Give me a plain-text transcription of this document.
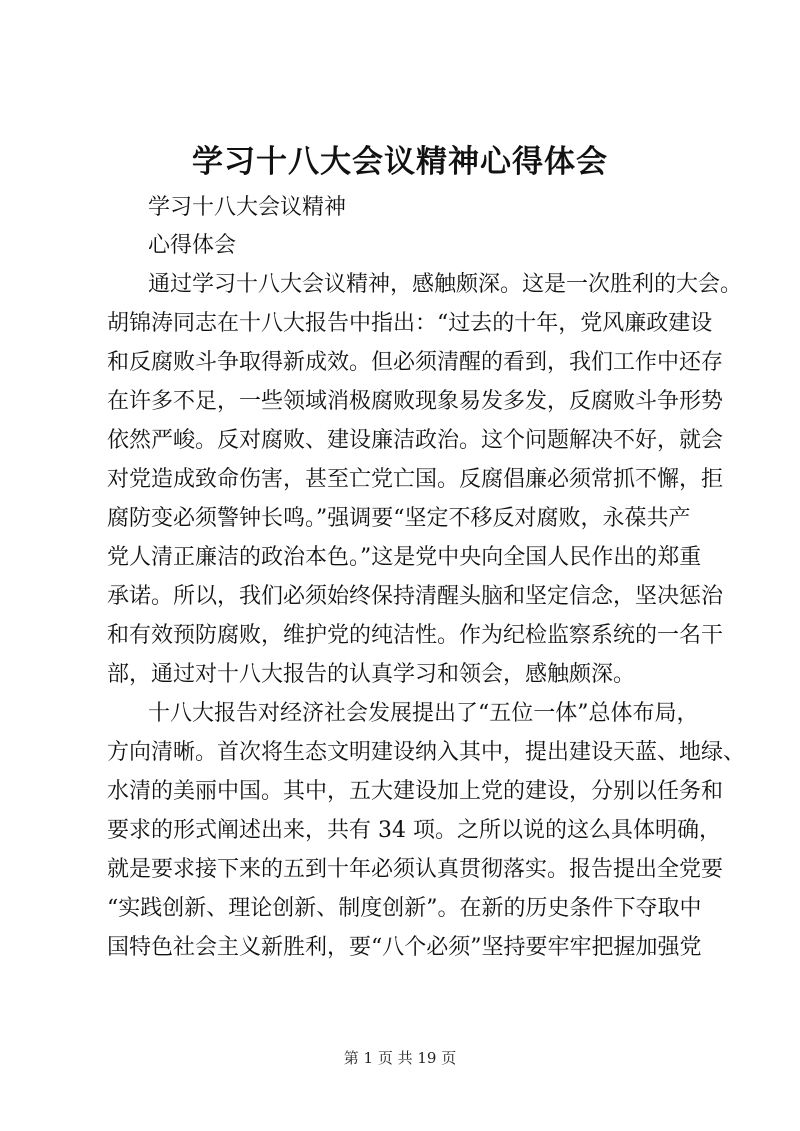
学习十八大会议精神心得体会

学习十八大会议精神

心得体会

通过学习十八大会议精神，感触颇深。这是一次胜利的大会。

胡锦涛同志在十八大报告中指出：“过去的十年，党风廉政建设

和反腐败斗争取得新成效。但必须清醒的看到，我们工作中还存

在许多不足，一些领域消极腐败现象易发多发，反腐败斗争形势

依然严峻。反对腐败、建设廉洁政治。这个问题解决不好，就会

对党造成致命伤害，甚至亡党亡国。反腐倡廉必须常抓不懈，拒

腐防变必须警钟长鸣。”强调要“坚定不移反对腐败，永葆共产

党人清正廉洁的政治本色。”这是党中央向全国人民作出的郑重

承诺。所以，我们必须始终保持清醒头脑和坚定信念，坚决惩治

和有效预防腐败，维护党的纯洁性。作为纪检监察系统的一名干

部，通过对十八大报告的认真学习和领会，感触颇深。

十八大报告对经济社会发展提出了“五位一体”总体布局，

方向清晰。首次将生态文明建设纳入其中，提出建设天蓝、地绿、

水清的美丽中国。其中，五大建设加上党的建设，分别以任务和

要求的形式阐述出来，共有 34 项。之所以说的这么具体明确，

就是要求接下来的五到十年必须认真贯彻落实。报告提出全党要

“实践创新、理论创新、制度创新”。在新的历史条件下夺取中

国特色社会主义新胜利，要“八个必须”坚持要牢牢把握加强党

第 1 页 共 19 页
